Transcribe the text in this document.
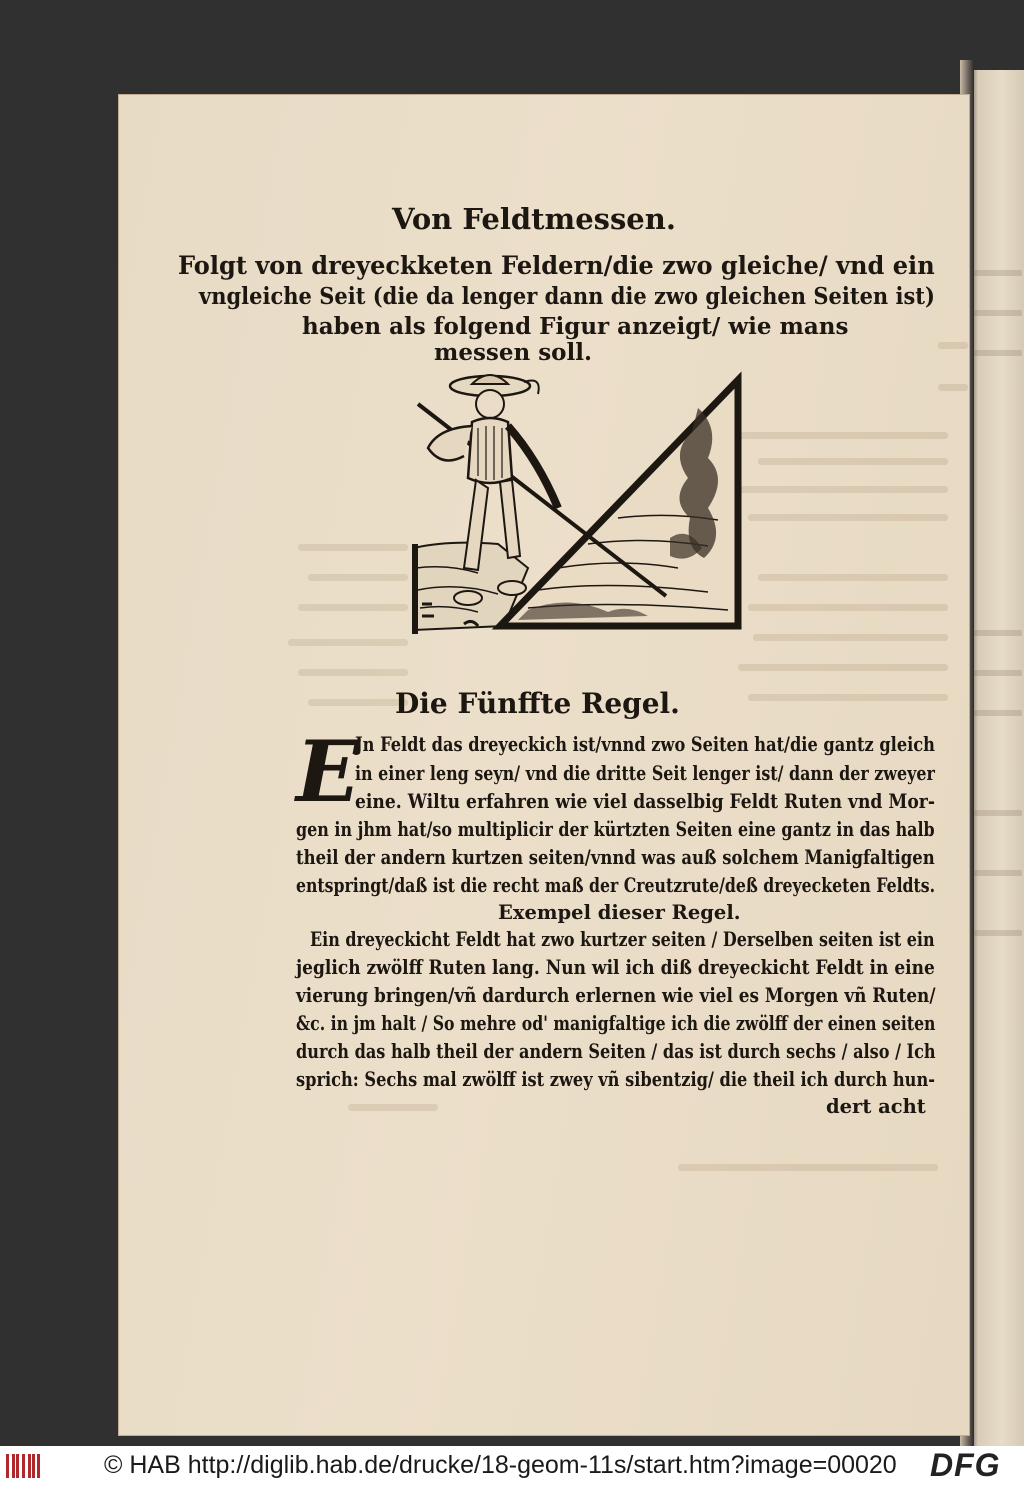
Von Feldtmessen.
Folgt von dreyeckketen Feldern/die zwo gleiche/ vnd ein
vngleiche Seit (die da lenger dann die zwo gleichen Seiten ist)
haben als folgend Figur anzeigt/ wie mans
messen soll.
Die Fünffte Regel.
E
Jn Feldt das dreyeckich ist/vnnd zwo Seiten hat/die gantz gleich
in einer leng seyn/ vnd die dritte Seit lenger ist/ dann der zweyer
eine. Wiltu erfahren wie viel dasselbig Feldt Ruten vnd Mor-
gen in jhm hat/so multiplicir der kürtzten Seiten eine gantz in das halb
theil der andern kurtzen seiten/vnnd was auß solchem Manigfaltigen
entspringt/daß ist die recht maß der Creutzrute/deß dreyecketen Feldts.
Exempel dieser Regel.
Ein dreyeckicht Feldt hat zwo kurtzer seiten / Derselben seiten ist ein
jeglich zwölff Ruten lang. Nun wil ich diß dreyeckicht Feldt in eine
vierung bringen/vñ dardurch erlernen wie viel es Morgen vñ Ruten/
&c. in jm halt / So mehre od' manigfaltige ich die zwölff der einen seiten
durch das halb theil der andern Seiten / das ist durch sechs / also / Ich
sprich: Sechs mal zwölff ist zwey vñ sibentzig/ die theil ich durch hun-
dert acht
© HAB http://diglib.hab.de/drucke/18-geom-11s/start.htm?image=00020 DFG
